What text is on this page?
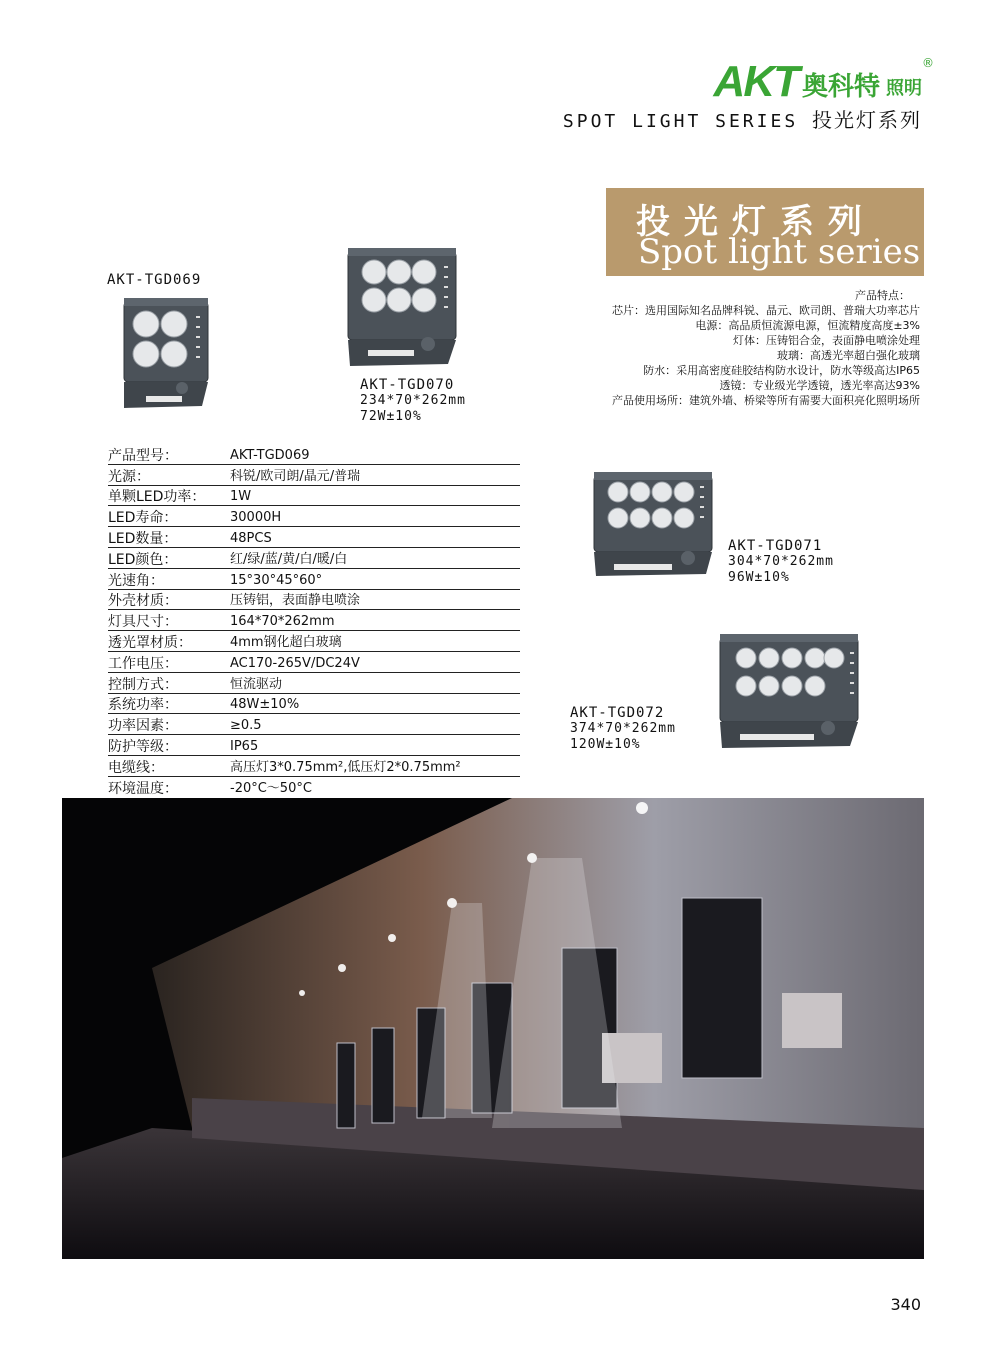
AKT 奥科特 照明
®
SPOT LIGHT SERIES 投光灯系列
投光灯系列
Spot light series
产品特点：
芯片：选用国际知名品牌科锐、晶元、欧司朗、普瑞大功率芯片
电源：高品质恒流源电源，恒流精度高度±3%
灯体：压铸铝合金，表面静电喷涂处理
玻璃：高透光率超白强化玻璃
防水：采用高密度硅胶结构防水设计，防水等级高达IP65
透镜：专业级光学透镜，透光率高达93%
产品使用场所：建筑外墙、桥梁等所有需要大面积亮化照明场所
AKT-TGD069
AKT-TGD070
234*70*262mm
72W±10%
AKT-TGD071
304*70*262mm
96W±10%
AKT-TGD072
374*70*262mm
120W±10%
产品型号：	AKT-TGD069
光源：	科锐/欧司朗/晶元/普瑞
单颗LED功率：	1W
LED寿命：	30000H
LED数量：	48PCS
LED颜色：	红/绿/蓝/黄/白/暖/白
光速角：	15°30°45°60°
外壳材质：	压铸铝，表面静电喷涂
灯具尺寸：	164*70*262mm
透光罩材质：	4mm钢化超白玻璃
工作电压：	AC170-265V/DC24V
控制方式：	恒流驱动
系统功率：	48W±10%
功率因素：	≥0.5
防护等级：	IP65
电缆线：	高压灯3*0.75mm²,低压灯2*0.75mm²
环境温度：	-20°C～50°C
340
